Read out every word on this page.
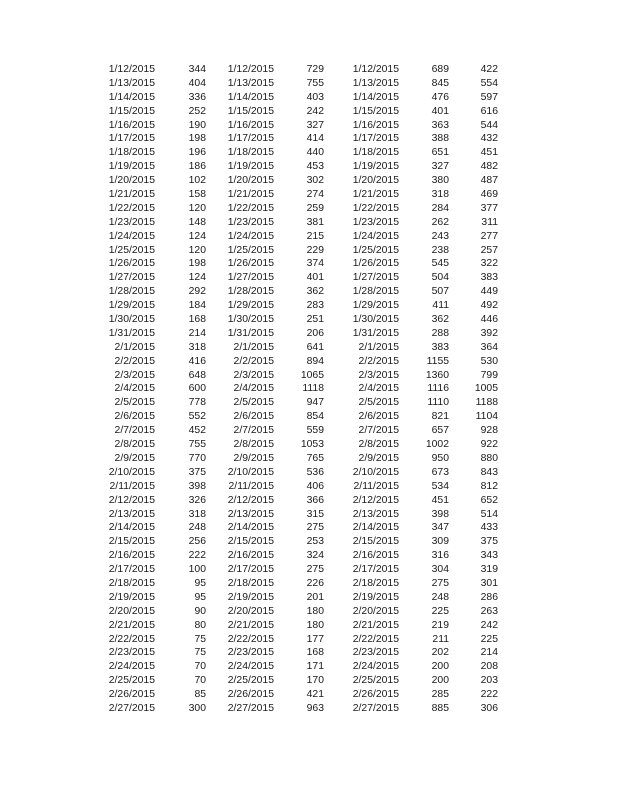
1/12/2015	344	1/12/2015	729	1/12/2015	689	422
1/13/2015	404	1/13/2015	755	1/13/2015	845	554
1/14/2015	336	1/14/2015	403	1/14/2015	476	597
1/15/2015	252	1/15/2015	242	1/15/2015	401	616
1/16/2015	190	1/16/2015	327	1/16/2015	363	544
1/17/2015	198	1/17/2015	414	1/17/2015	388	432
1/18/2015	196	1/18/2015	440	1/18/2015	651	451
1/19/2015	186	1/19/2015	453	1/19/2015	327	482
1/20/2015	102	1/20/2015	302	1/20/2015	380	487
1/21/2015	158	1/21/2015	274	1/21/2015	318	469
1/22/2015	120	1/22/2015	259	1/22/2015	284	377
1/23/2015	148	1/23/2015	381	1/23/2015	262	311
1/24/2015	124	1/24/2015	215	1/24/2015	243	277
1/25/2015	120	1/25/2015	229	1/25/2015	238	257
1/26/2015	198	1/26/2015	374	1/26/2015	545	322
1/27/2015	124	1/27/2015	401	1/27/2015	504	383
1/28/2015	292	1/28/2015	362	1/28/2015	507	449
1/29/2015	184	1/29/2015	283	1/29/2015	411	492
1/30/2015	168	1/30/2015	251	1/30/2015	362	446
1/31/2015	214	1/31/2015	206	1/31/2015	288	392
2/1/2015	318	2/1/2015	641	2/1/2015	383	364
2/2/2015	416	2/2/2015	894	2/2/2015	1155	530
2/3/2015	648	2/3/2015	1065	2/3/2015	1360	799
2/4/2015	600	2/4/2015	1118	2/4/2015	1116	1005
2/5/2015	778	2/5/2015	947	2/5/2015	1110	1188
2/6/2015	552	2/6/2015	854	2/6/2015	821	1104
2/7/2015	452	2/7/2015	559	2/7/2015	657	928
2/8/2015	755	2/8/2015	1053	2/8/2015	1002	922
2/9/2015	770	2/9/2015	765	2/9/2015	950	880
2/10/2015	375	2/10/2015	536	2/10/2015	673	843
2/11/2015	398	2/11/2015	406	2/11/2015	534	812
2/12/2015	326	2/12/2015	366	2/12/2015	451	652
2/13/2015	318	2/13/2015	315	2/13/2015	398	514
2/14/2015	248	2/14/2015	275	2/14/2015	347	433
2/15/2015	256	2/15/2015	253	2/15/2015	309	375
2/16/2015	222	2/16/2015	324	2/16/2015	316	343
2/17/2015	100	2/17/2015	275	2/17/2015	304	319
2/18/2015	95	2/18/2015	226	2/18/2015	275	301
2/19/2015	95	2/19/2015	201	2/19/2015	248	286
2/20/2015	90	2/20/2015	180	2/20/2015	225	263
2/21/2015	80	2/21/2015	180	2/21/2015	219	242
2/22/2015	75	2/22/2015	177	2/22/2015	211	225
2/23/2015	75	2/23/2015	168	2/23/2015	202	214
2/24/2015	70	2/24/2015	171	2/24/2015	200	208
2/25/2015	70	2/25/2015	170	2/25/2015	200	203
2/26/2015	85	2/26/2015	421	2/26/2015	285	222
2/27/2015	300	2/27/2015	963	2/27/2015	885	306
